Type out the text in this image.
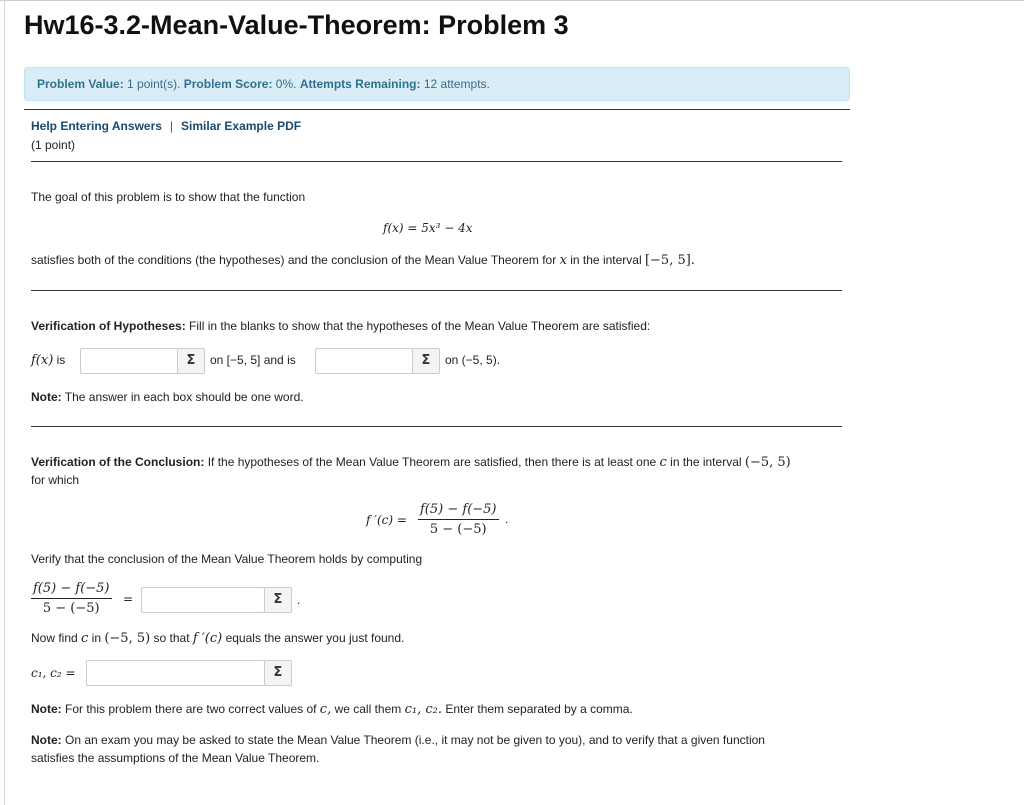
Hw16-3.2-Mean-Value-Theorem: Problem 3
Problem Value: 1 point(s). Problem Score: 0%. Attempts Remaining: 12 attempts.
Help Entering Answers | Similar Example PDF
(1 point)
The goal of this problem is to show that the function
f(x) = 5x³ − 4x
satisfies both of the conditions (the hypotheses) and the conclusion of the Mean Value Theorem for x in the interval [−5, 5].
Verification of Hypotheses: Fill in the blanks to show that the hypotheses of the Mean Value Theorem are satisfied:
f(x) is	Σ	on [−5, 5] and is	Σ	on (−5, 5).
Note: The answer in each box should be one word.
Verification of the Conclusion: If the hypotheses of the Mean Value Theorem are satisfied, then there is at least one c in the interval (−5, 5)
for which
f ′(c) =
f(5) − f(−5)
5 − (−5)
.
Verify that the conclusion of the Mean Value Theorem holds by computing
f(5) − f(−5)
5 − (−5)
=	Σ	.
Now find c in (−5, 5) so that f ′(c) equals the answer you just found.
c₁, c₂ =	Σ
Note: For this problem there are two correct values of c, we call them c₁, c₂. Enter them separated by a comma.
Note: On an exam you may be asked to state the Mean Value Theorem (i.e., it may not be given to you), and to verify that a given function
satisfies the assumptions of the Mean Value Theorem.
